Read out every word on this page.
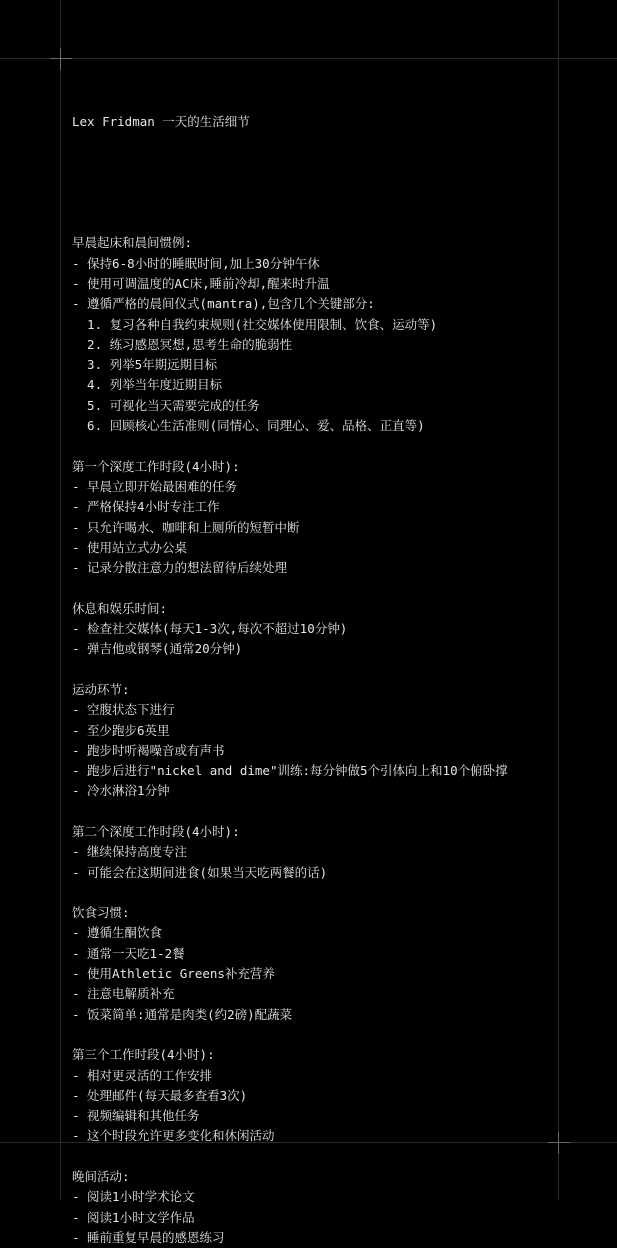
Lex Fridman 一天的生活细节

早晨起床和晨间惯例:
- 保持6-8小时的睡眠时间,加上30分钟午休
- 使用可调温度的AC床,睡前冷却,醒来时升温
- 遵循严格的晨间仪式(mantra),包含几个关键部分:
1. 复习各种自我约束规则(社交媒体使用限制、饮食、运动等)
2. 练习感恩冥想,思考生命的脆弱性
3. 列举5年期远期目标
4. 列举当年度近期目标
5. 可视化当天需要完成的任务
6. 回顾核心生活准则(同情心、同理心、爱、品格、正直等)
第一个深度工作时段(4小时):
- 早晨立即开始最困难的任务
- 严格保持4小时专注工作
- 只允许喝水、咖啡和上厕所的短暂中断
- 使用站立式办公桌
- 记录分散注意力的想法留待后续处理
休息和娱乐时间:
- 检查社交媒体(每天1-3次,每次不超过10分钟)
- 弹吉他或钢琴(通常20分钟)
运动环节:
- 空腹状态下进行
- 至少跑步6英里
- 跑步时听褐噪音或有声书
- 跑步后进行"nickel and dime"训练:每分钟做5个引体向上和10个俯卧撑
- 冷水淋浴1分钟
第二个深度工作时段(4小时):
- 继续保持高度专注
- 可能会在这期间进食(如果当天吃两餐的话)
饮食习惯:
- 遵循生酮饮食
- 通常一天吃1-2餐
- 使用Athletic Greens补充营养
- 注意电解质补充
- 饭菜简单:通常是肉类(约2磅)配蔬菜
第三个工作时段(4小时):
- 相对更灵活的工作安排
- 处理邮件(每天最多查看3次)
- 视频编辑和其他任务
- 这个时段允许更多变化和休闲活动
晚间活动:
- 阅读1小时学术论文
- 阅读1小时文学作品
- 睡前重复早晨的感恩练习
